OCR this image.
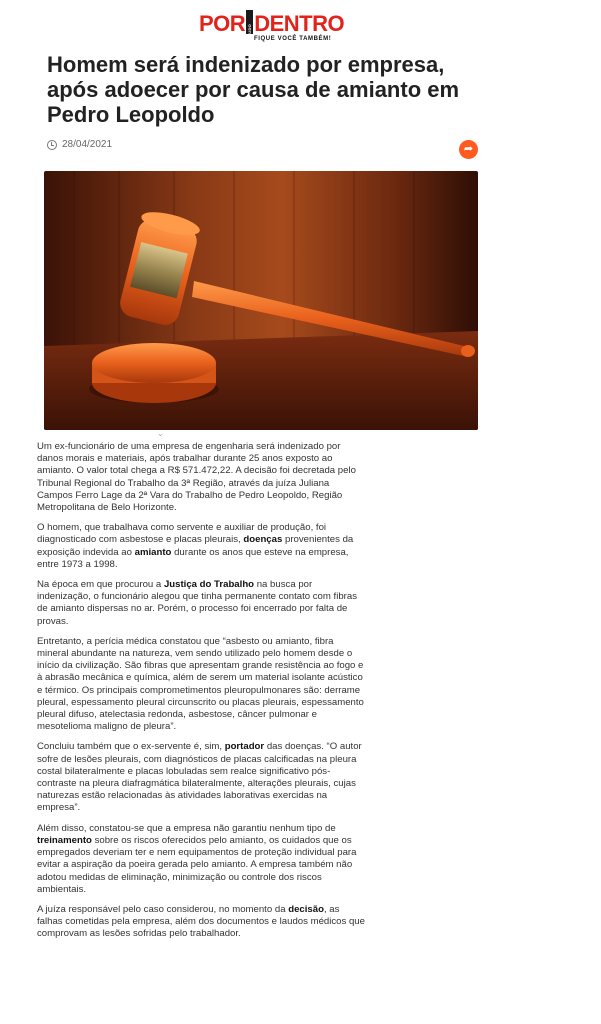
POR DE TUDO DENTRO
FIQUE VOCÊ TAMBÉM!
Homem será indenizado por empresa, após adoecer por causa de amianto em Pedro Leopoldo
28/04/2021	➦
⌄

Um ex-funcionário de uma empresa de engenharia será indenizado por danos morais e materiais, após trabalhar durante 25 anos exposto ao amianto. O valor total chega a R$ 571.472,22. A decisão foi decretada pelo Tribunal Regional do Trabalho da 3ª Região, através da juíza Juliana Campos Ferro Lage da 2ª Vara do Trabalho de Pedro Leopoldo, Região Metropolitana de Belo Horizonte.

O homem, que trabalhava como servente e auxiliar de produção, foi diagnosticado com asbestose e placas pleurais, doenças provenientes da exposição indevida ao amianto durante os anos que esteve na empresa, entre 1973 a 1998.

Na época em que procurou a Justiça do Trabalho na busca por indenização, o funcionário alegou que tinha permanente contato com fibras de amianto dispersas no ar. Porém, o processo foi encerrado por falta de provas.

Entretanto, a perícia médica constatou que “asbesto ou amianto, fibra mineral abundante na natureza, vem sendo utilizado pelo homem desde o início da civilização. São fibras que apresentam grande resistência ao fogo e à abrasão mecânica e química, além de serem um material isolante acústico e térmico. Os principais comprometimentos pleuropulmonares são: derrame pleural, espessamento pleural circunscrito ou placas pleurais, espessamento pleural difuso, atelectasia redonda, asbestose, câncer pulmonar e mesotelioma maligno de pleura”.

Concluiu também que o ex-servente é, sim, portador das doenças. “O autor sofre de lesões pleurais, com diagnósticos de placas calcificadas na pleura costal bilateralmente e placas lobuladas sem realce significativo pós-contraste na pleura diafragmática bilateralmente, alterações pleurais, cujas naturezas estão relacionadas às atividades laborativas exercidas na empresa”.

Além disso, constatou-se que a empresa não garantiu nenhum tipo de treinamento sobre os riscos oferecidos pelo amianto, os cuidados que os empregados deveriam ter e nem equipamentos de proteção individual para evitar a aspiração da poeira gerada pelo amianto. A empresa também não adotou medidas de eliminação, minimização ou controle dos riscos ambientais.

A juíza responsável pelo caso considerou, no momento da decisão, as falhas cometidas pela empresa, além dos documentos e laudos médicos que comprovam as lesões sofridas pelo trabalhador.
